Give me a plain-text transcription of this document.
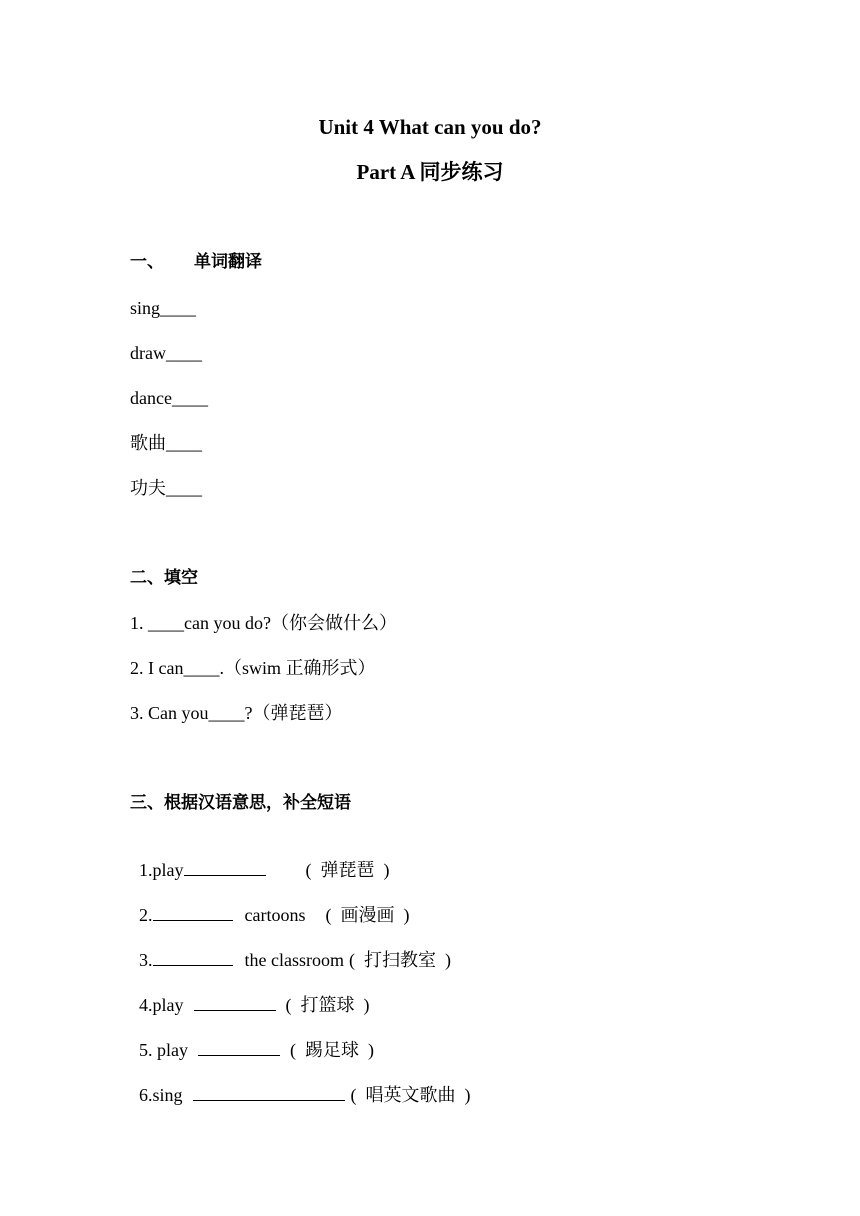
Unit 4 What can you do?
Part A 同步练习
一、 单词翻译
sing____
draw____
dance____
歌曲____
功夫____
二、填空
1. ____can you do?（你会做什么）
2. I can____.（swim 正确形式）
3. Can you____?（弹琵琶）
三、根据汉语意思，补全短语

1.play	(  弹琵琶  )

2.	cartoons (  画漫画  )

3.	the classroom (  打扫教室  )

4.play	(  打篮球  )

5. play	(  踢足球  )

6.sing	(  唱英文歌曲  )
